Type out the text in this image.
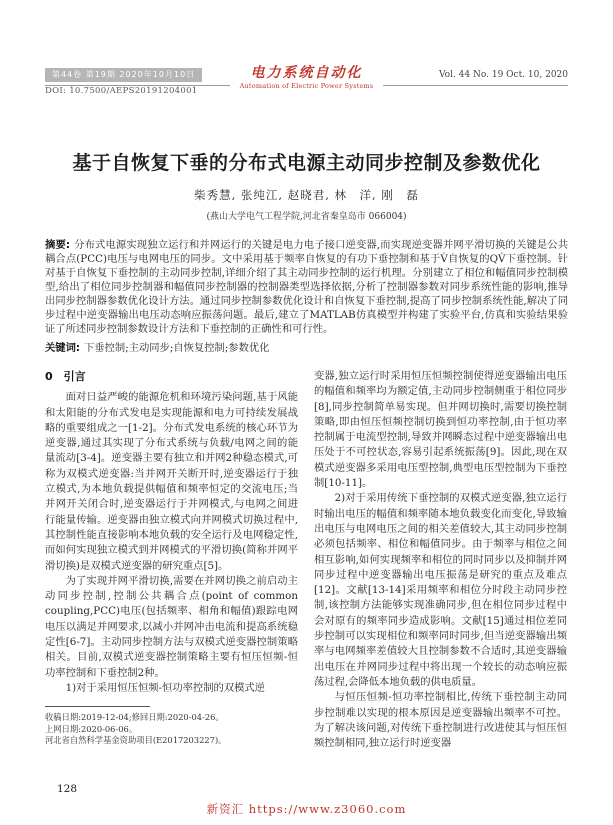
第44卷 第19期 2020年10月10日
DOI: 10.7500/AEPS20191204001
电力系统自动化
Automation of Electric Power Systems
Vol. 44 No. 19 Oct. 10, 2020
基于自恢复下垂的分布式电源主动同步控制及参数优化
柴秀慧, 张纯江, 赵晓君, 林　洋, 刚　磊
(燕山大学电气工程学院,河北省秦皇岛市 066004)
摘要: 分布式电源实现独立运行和并网运行的关键是电力电子接口逆变器,而实现逆变器并网平滑切换的关键是公共耦合点(PCC)电压与电网电压的同步。文中采用基于频率自恢复的有功下垂控制和基于V̇自恢复的QV̇下垂控制。针对基于自恢复下垂控制的主动同步控制,详细介绍了其主动同步控制的运行机理。分别建立了相位和幅值同步控制模型,给出了相位同步控制器和幅值同步控制器的控制器类型选择依据,分析了控制器参数对同步系统性能的影响,推导出同步控制器参数优化设计方法。通过同步控制参数优化设计和自恢复下垂控制,提高了同步控制系统性能,解决了同步过程中逆变器输出电压动态响应振荡问题。最后,建立了MATLAB仿真模型并构建了实验平台,仿真和实验结果验证了所述同步控制参数设计方法和下垂控制的正确性和可行性。
关键词: 下垂控制;主动同步;自恢复控制;参数优化
0　引言

面对日益严峻的能源危机和环境污染问题,基于风能和太阳能的分布式发电是实现能源和电力可持续发展战略的重要组成之一[1-2]。分布式发电系统的核心环节为逆变器,通过其实现了分布式系统与负载/电网之间的能量流动[3-4]。逆变器主要有独立和并网2种稳态模式,可称为双模式逆变器:当并网开关断开时,逆变器运行于独立模式,为本地负载提供幅值和频率恒定的交流电压;当并网开关闭合时,逆变器运行于并网模式,与电网之间进行能量传输。逆变器由独立模式向并网模式切换过程中,其控制性能直接影响本地负载的安全运行及电网稳定性,而如何实现独立模式到并网模式的平滑切换(简称并网平滑切换)是双模式逆变器的研究重点[5]。

为了实现并网平滑切换,需要在并网切换之前启动主动同步控制,控制公共耦合点(point of common coupling,PCC)电压(包括频率、相角和幅值)跟踪电网电压以满足并网要求,以减小并网冲击电流和提高系统稳定性[6-7]。主动同步控制方法与双模式逆变器控制策略相关。目前,双模式逆变器控制策略主要有恒压恒频-恒功率控制和下垂控制2种。

1)对于采用恒压恒频-恒功率控制的双模式逆

收稿日期:2019-12-04;修回日期:2020-04-26。

上网日期:2020-06-06。

河北省自然科学基金资助项目(E2017203227)。

变器,独立运行时采用恒压恒频控制使得逆变器输出电压的幅值和频率均为额定值,主动同步控制侧重于相位同步[8],同步控制简单易实现。但并网切换时,需要切换控制策略,即由恒压恒频控制切换到恒功率控制,由于恒功率控制属于电流型控制,导致并网瞬态过程中逆变器输出电压处于不可控状态,容易引起系统振荡[9]。因此,现在双模式逆变器多采用电压型控制,典型电压型控制为下垂控制[10-11]。

2)对于采用传统下垂控制的双模式逆变器,独立运行时输出电压的幅值和频率随本地负载变化而变化,导致输出电压与电网电压之间的相关差值较大,其主动同步控制必须包括频率、相位和幅值同步。由于频率与相位之间相互影响,如何实现频率和相位的同时同步以及抑制并网同步过程中逆变器输出电压振荡是研究的重点及难点[12]。文献[13-14]采用频率和相位分时段主动同步控制,该控制方法能够实现准确同步,但在相位同步过程中会对原有的频率同步造成影响。文献[15]通过相位差同步控制可以实现相位和频率同时同步,但当逆变器输出频率与电网频率差值较大且控制参数不合适时,其逆变器输出电压在并网同步过程中将出现一个较长的动态响应振荡过程,会降低本地负载的供电质量。

与恒压恒频-恒功率控制相比,传统下垂控制主动同步控制难以实现的根本原因是逆变器输出频率不可控。为了解决该问题,对传统下垂控制进行改进使其与恒压恒频控制相同,独立运行时逆变器

128
新资汇 https://www.z3060.com
